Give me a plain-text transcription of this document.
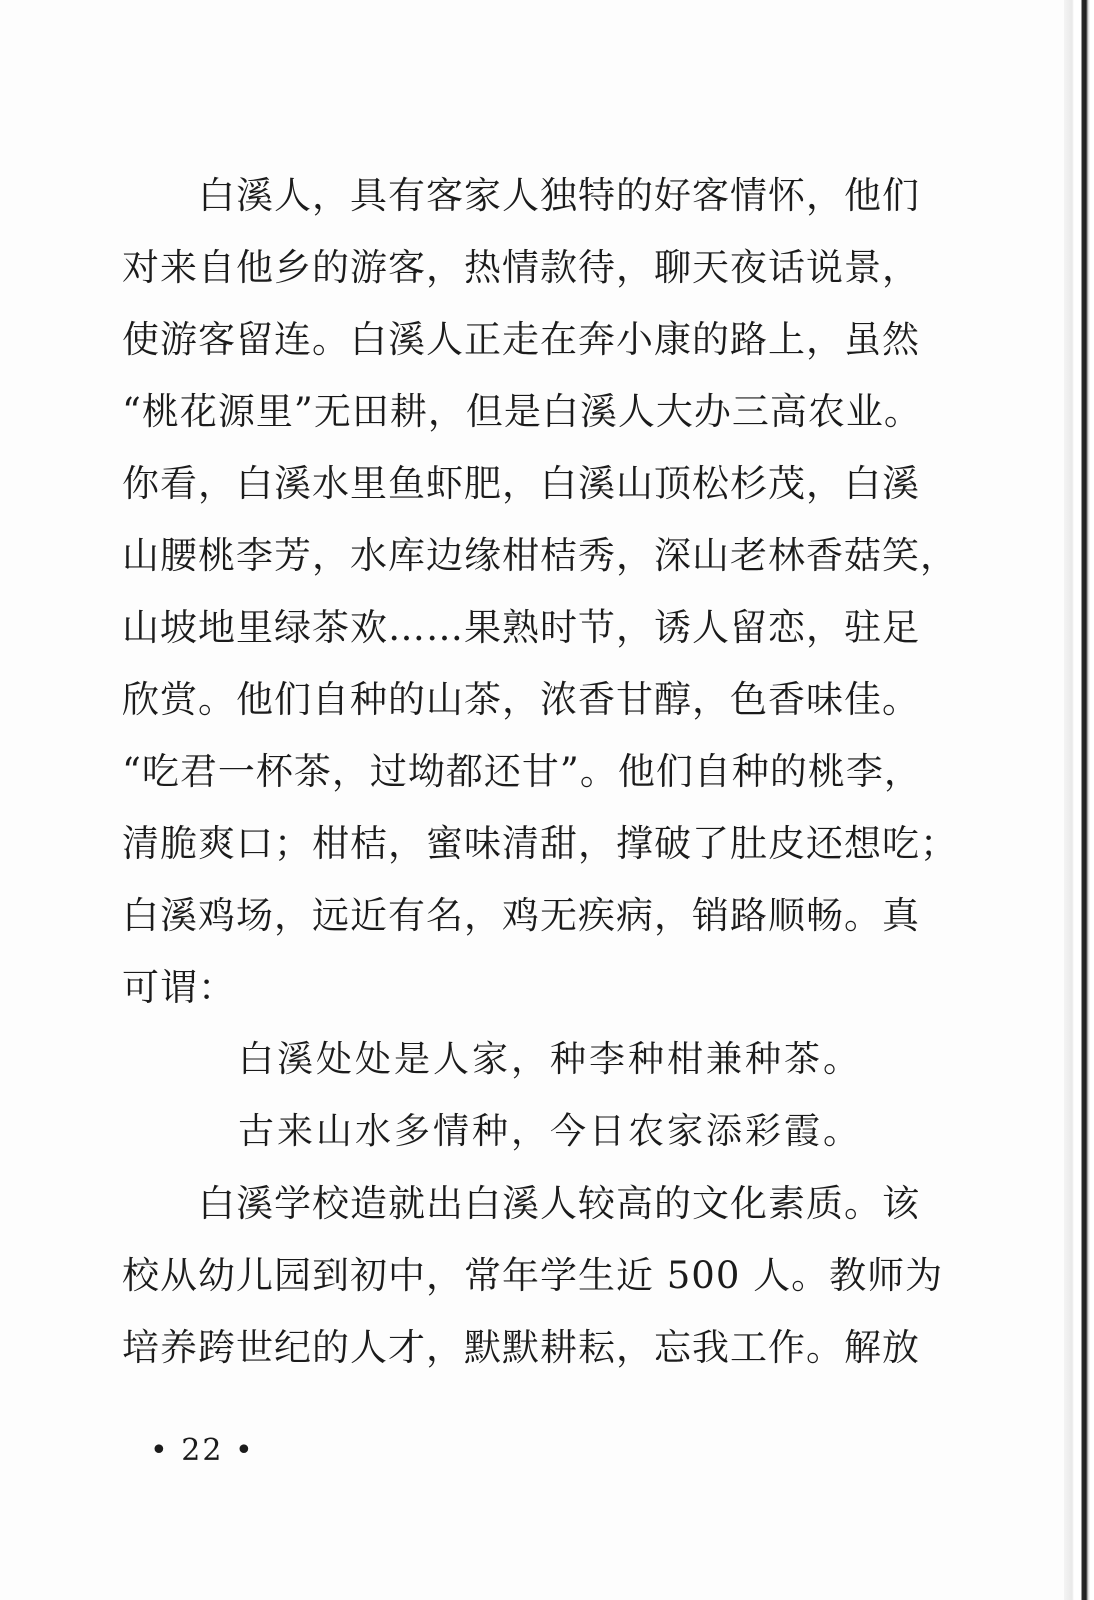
白溪人，具有客家人独特的好客情怀，他们
对来自他乡的游客，热情款待，聊天夜话说景，
使游客留连。白溪人正走在奔小康的路上，虽然
“桃花源里”无田耕，但是白溪人大办三高农业。
你看，白溪水里鱼虾肥，白溪山顶松杉茂，白溪
山腰桃李芳，水库边缘柑桔秀，深山老林香菇笑，
山坡地里绿茶欢……果熟时节，诱人留恋，驻足
欣赏。他们自种的山茶，浓香甘醇，色香味佳。
“吃君一杯茶，过坳都还甘”。他们自种的桃李，
清脆爽口；柑桔，蜜味清甜，撑破了肚皮还想吃；
白溪鸡场，远近有名，鸡无疾病，销路顺畅。真
可谓：
白溪处处是人家，种李种柑兼种茶。
古来山水多情种，今日农家添彩霞。
白溪学校造就出白溪人较高的文化素质。该
校从幼儿园到初中，常年学生近 500 人。教师为
培养跨世纪的人才，默默耕耘，忘我工作。解放
• 22 •
